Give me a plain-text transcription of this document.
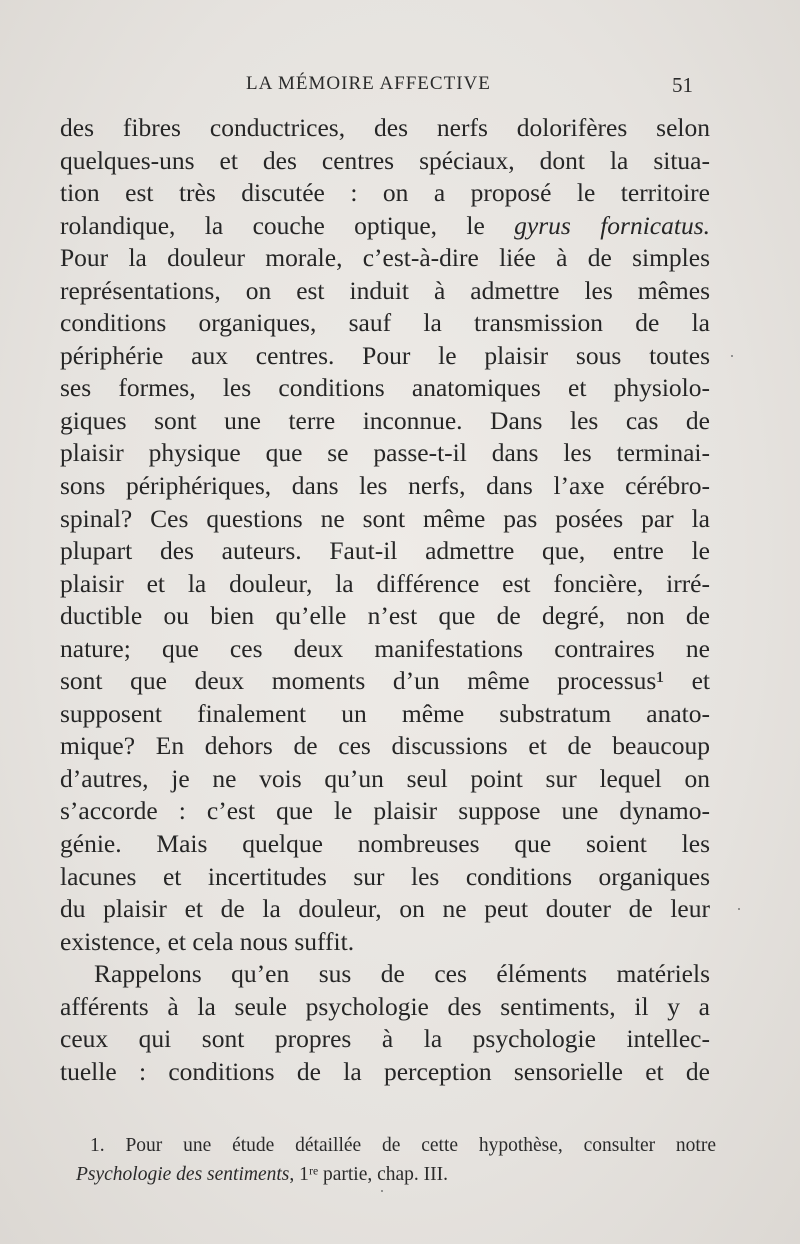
LA MÉMOIRE AFFECTIVE	51
des fibres conductrices, des nerfs dolorifères selon
quelques-uns et des centres spéciaux, dont la situa-
tion est très discutée : on a proposé le territoire
rolandique, la couche optique, le gyrus fornicatus.
Pour la douleur morale, c’est-à-dire liée à de simples
représentations, on est induit à admettre les mêmes
conditions organiques, sauf la transmission de la
périphérie aux centres. Pour le plaisir sous toutes
ses formes, les conditions anatomiques et physiolo-
giques sont une terre inconnue. Dans les cas de
plaisir physique que se passe-t-il dans les terminai-
sons périphériques, dans les nerfs, dans l’axe cérébro-
spinal? Ces questions ne sont même pas posées par la
plupart des auteurs. Faut-il admettre que, entre le
plaisir et la douleur, la différence est foncière, irré-
ductible ou bien qu’elle n’est que de degré, non de
nature; que ces deux manifestations contraires ne
sont que deux moments d’un même processus¹ et
supposent finalement un même substratum anato-
mique? En dehors de ces discussions et de beaucoup
d’autres, je ne vois qu’un seul point sur lequel on
s’accorde : c’est que le plaisir suppose une dynamo-
génie. Mais quelque nombreuses que soient les
lacunes et incertitudes sur les conditions organiques
du plaisir et de la douleur, on ne peut douter de leur
existence, et cela nous suffit.
Rappelons qu’en sus de ces éléments matériels
afférents à la seule psychologie des sentiments, il y a
ceux qui sont propres à la psychologie intellec-
tuelle : conditions de la perception sensorielle et de
1. Pour une étude détaillée de cette hypothèse, consulter notre
Psychologie des sentiments, 1ʳᵉ partie, chap. III.
